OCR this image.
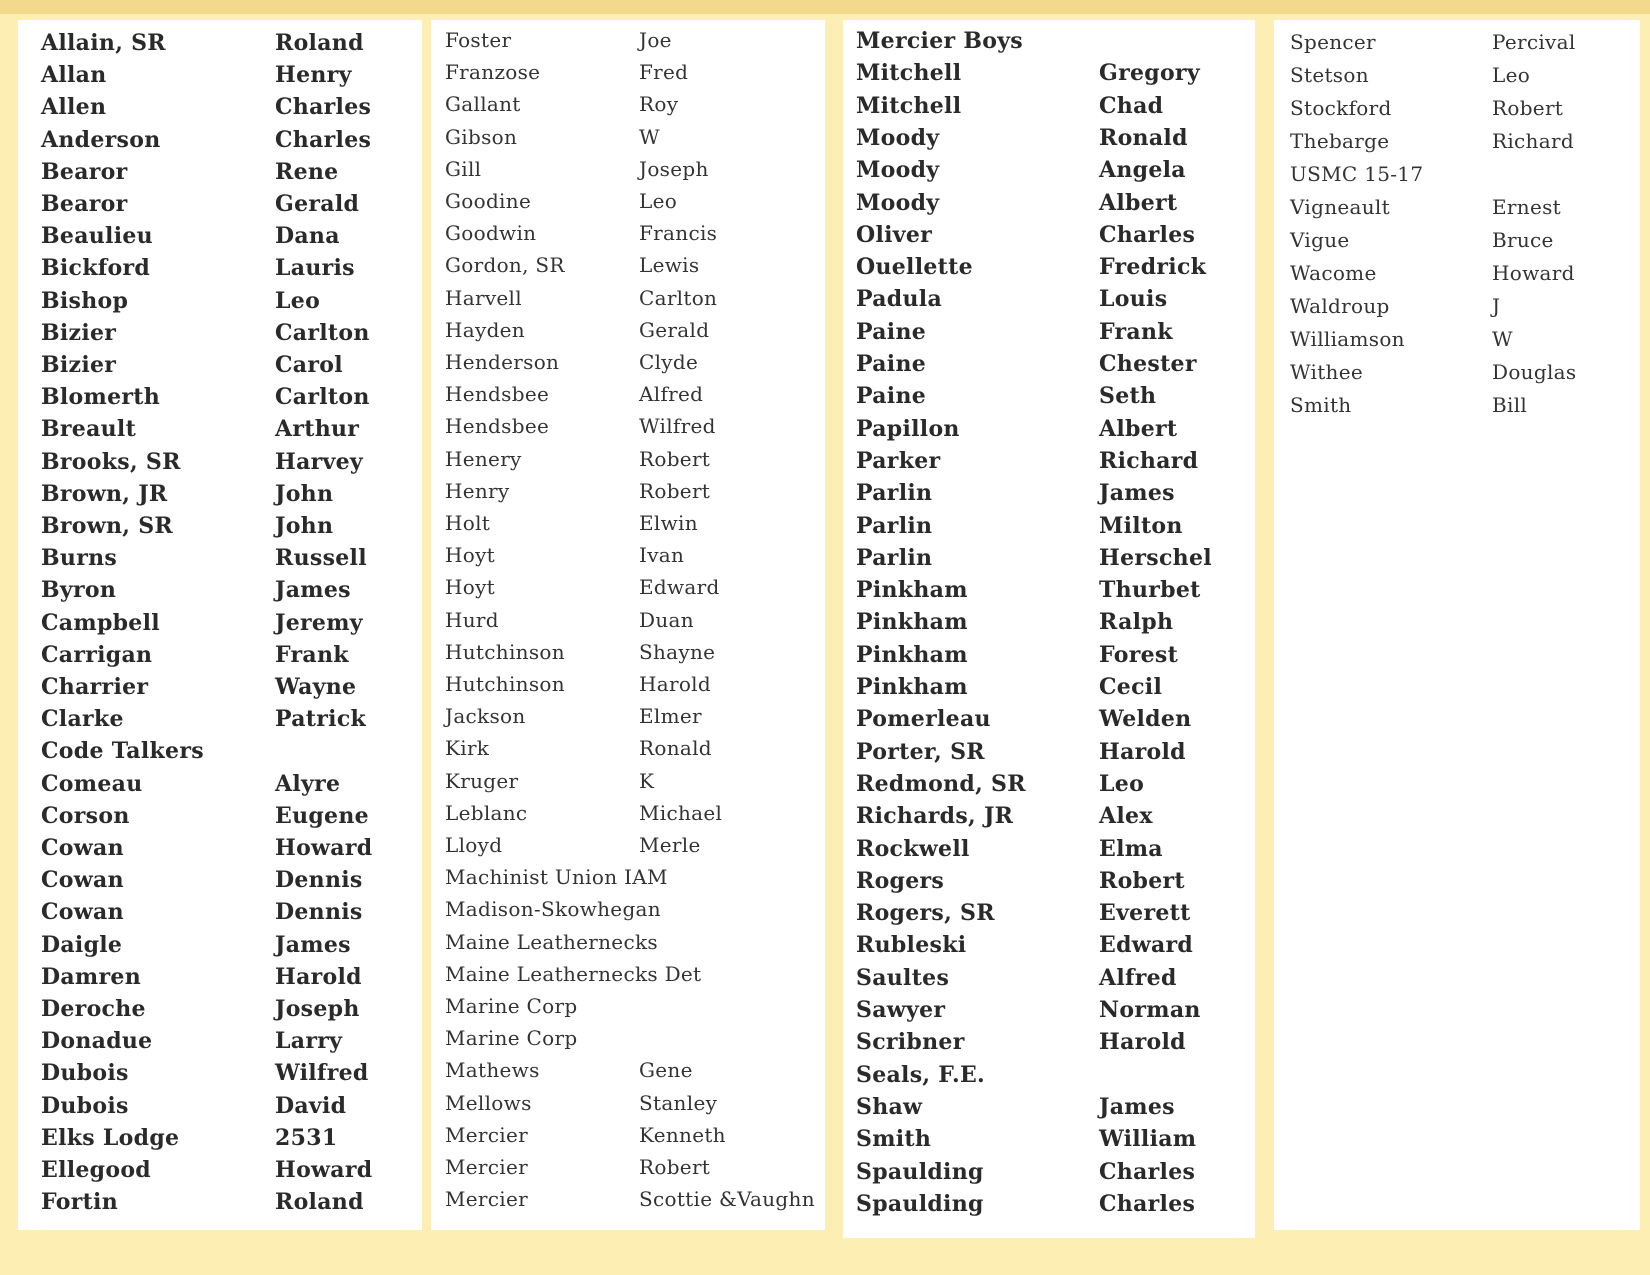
Allain, SR	Roland
Allan	Henry
Allen	Charles
Anderson	Charles
Bearor	Rene
Bearor	Gerald
Beaulieu	Dana
Bickford	Lauris
Bishop	Leo
Bizier	Carlton
Bizier	Carol
Blomerth	Carlton
Breault	Arthur
Brooks, SR	Harvey
Brown, JR	John
Brown, SR	John
Burns	Russell
Byron	James
Campbell	Jeremy
Carrigan	Frank
Charrier	Wayne
Clarke	Patrick
Code Talkers
Comeau	Alyre
Corson	Eugene
Cowan	Howard
Cowan	Dennis
Cowan	Dennis
Daigle	James
Damren	Harold
Deroche	Joseph
Donadue	Larry
Dubois	Wilfred
Dubois	David
Elks Lodge	2531
Ellegood	Howard
Fortin	Roland
Foster	Joe
Franzose	Fred
Gallant	Roy
Gibson	W
Gill	Joseph
Goodine	Leo
Goodwin	Francis
Gordon, SR	Lewis
Harvell	Carlton
Hayden	Gerald
Henderson	Clyde
Hendsbee	Alfred
Hendsbee	Wilfred
Henery	Robert
Henry	Robert
Holt	Elwin
Hoyt	Ivan
Hoyt	Edward
Hurd	Duan
Hutchinson	Shayne
Hutchinson	Harold
Jackson	Elmer
Kirk	Ronald
Kruger	K
Leblanc	Michael
Lloyd	Merle
Machinist Union IAM
Madison-Skowhegan
Maine Leathernecks
Maine Leathernecks Det
Marine Corp
Marine Corp
Mathews	Gene
Mellows	Stanley
Mercier	Kenneth
Mercier	Robert
Mercier	Scottie &Vaughn
Mercier Boys
Mitchell	Gregory
Mitchell	Chad
Moody	Ronald
Moody	Angela
Moody	Albert
Oliver	Charles
Ouellette	Fredrick
Padula	Louis
Paine	Frank
Paine	Chester
Paine	Seth
Papillon	Albert
Parker	Richard
Parlin	James
Parlin	Milton
Parlin	Herschel
Pinkham	Thurbet
Pinkham	Ralph
Pinkham	Forest
Pinkham	Cecil
Pomerleau	Welden
Porter, SR	Harold
Redmond, SR	Leo
Richards, JR	Alex
Rockwell	Elma
Rogers	Robert
Rogers, SR	Everett
Rubleski	Edward
Saultes	Alfred
Sawyer	Norman
Scribner	Harold
Seals, F.E.
Shaw	James
Smith	William
Spaulding	Charles
Spaulding	Charles
Spencer	Percival
Stetson	Leo
Stockford	Robert
Thebarge	Richard
USMC 15-17
Vigneault	Ernest
Vigue	Bruce
Wacome	Howard
Waldroup	J
Williamson	W
Withee	Douglas
Smith	Bill
